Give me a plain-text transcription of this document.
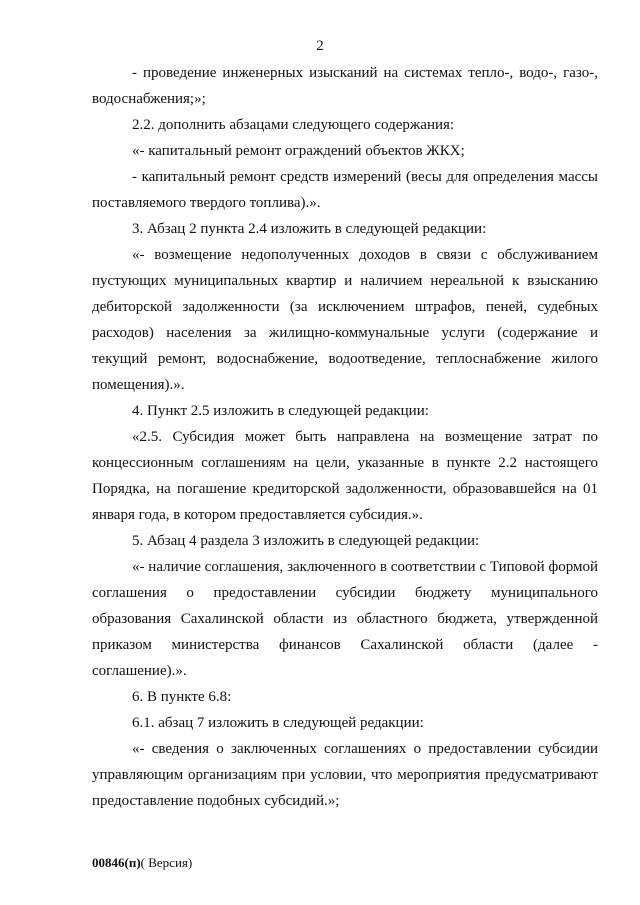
2

- проведение инженерных изысканий на системах тепло-, водо-, газо-, водоснабжения;»;

2.2. дополнить абзацами следующего содержания:

«- капитальный ремонт ограждений объектов ЖКХ;

- капитальный ремонт средств измерений (весы для определения массы поставляемого твердого топлива).».

3. Абзац 2 пункта 2.4 изложить в следующей редакции:

«- возмещение недополученных доходов в связи с обслуживанием пустующих муниципальных квартир и наличием нереальной к взысканию дебиторской задолженности (за исключением штрафов, пеней, судебных расходов) населения за жилищно-коммунальные услуги (содержание и текущий ремонт, водоснабжение, водоотведение, теплоснабжение жилого помещения).».

4. Пункт 2.5 изложить в следующей редакции:

«2.5. Субсидия может быть направлена на возмещение затрат по концессионным соглашениям на цели, указанные в пункте 2.2 настоящего Порядка, на погашение кредиторской задолженности, образовавшейся на 01 января года, в котором предоставляется субсидия.».

5. Абзац 4 раздела 3 изложить в следующей редакции:

«- наличие соглашения, заключенного в соответствии с Типовой формой соглашения о предоставлении субсидии бюджету муниципального образования Сахалинской области из областного бюджета, утвержденной приказом министерства финансов Сахалинской области (далее - соглашение).».

6. В пункте 6.8:

6.1. абзац 7 изложить в следующей редакции:

«- сведения о заключенных соглашениях о предоставлении субсидии управляющим организациям при условии, что мероприятия предусматривают предоставление подобных субсидий.»;

00846(п)( Версия)
